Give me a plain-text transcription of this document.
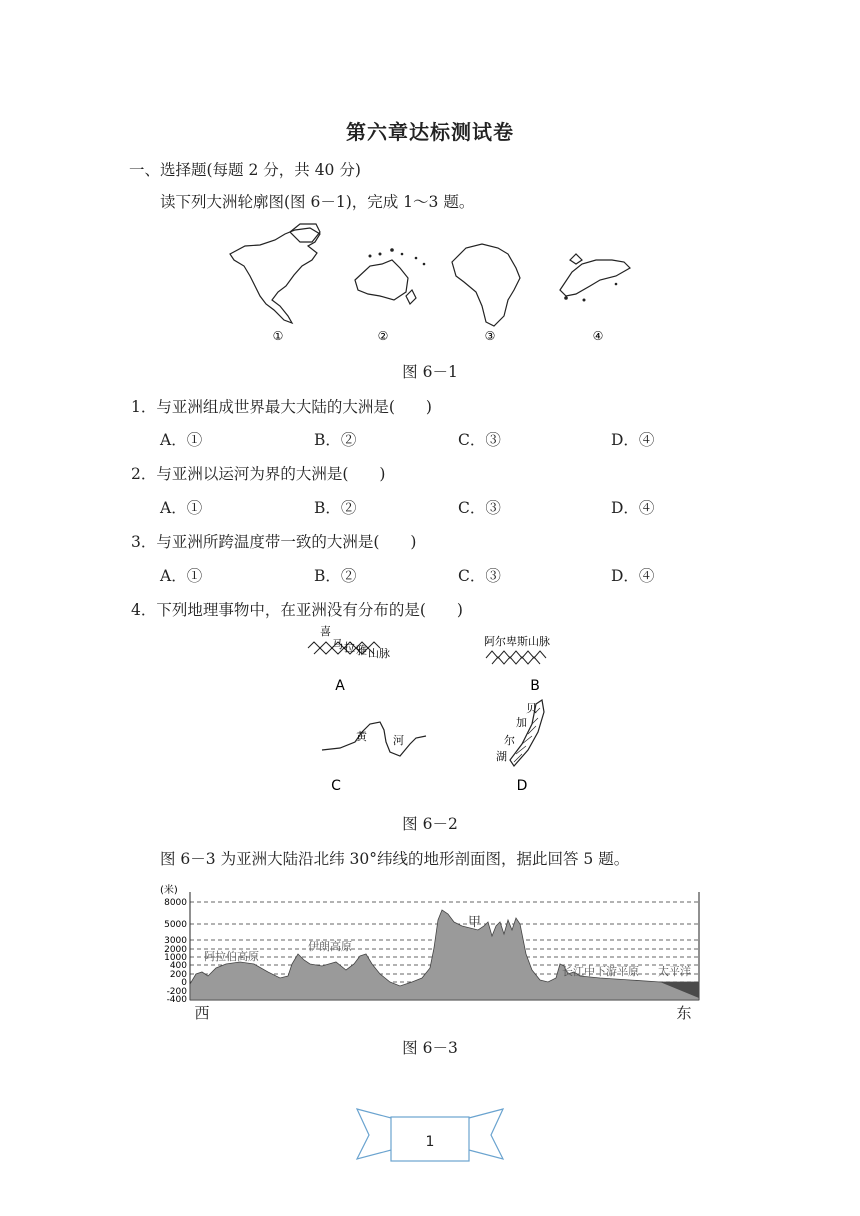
第六章达标测试卷
一、选择题(每题 2 分，共 40 分)
读下列大洲轮廓图(图 6－1)，完成 1～3 题。
①	②	③	④
图 6－1
1．与亚洲组成世界最大大陆的大洲是(　　)
A．①	B．②	C．③	D．④
2．与亚洲以运河为界的大洲是(　　)
A．①	B．②	C．③	D．④
3．与亚洲所跨温度带一致的大洲是(　　)
A．①	B．②	C．③	D．④
4．下列地理事物中，在亚洲没有分布的是(　　)
喜
马 拉 雅 山脉
阿尔卑斯山脉
A	B
黄 河
贝
加
尔
湖
C	D
图 6－2
图 6－3 为亚洲大陆沿北纬 30°纬线的地形剖面图，据此回答 5 题。
(米)
8000
5000
3000
2000
1000
400
200
0
-200
-400
阿拉伯高原
伊朗高原
甲
长江中下游平原 太平洋
西	东
图 6－3
1
